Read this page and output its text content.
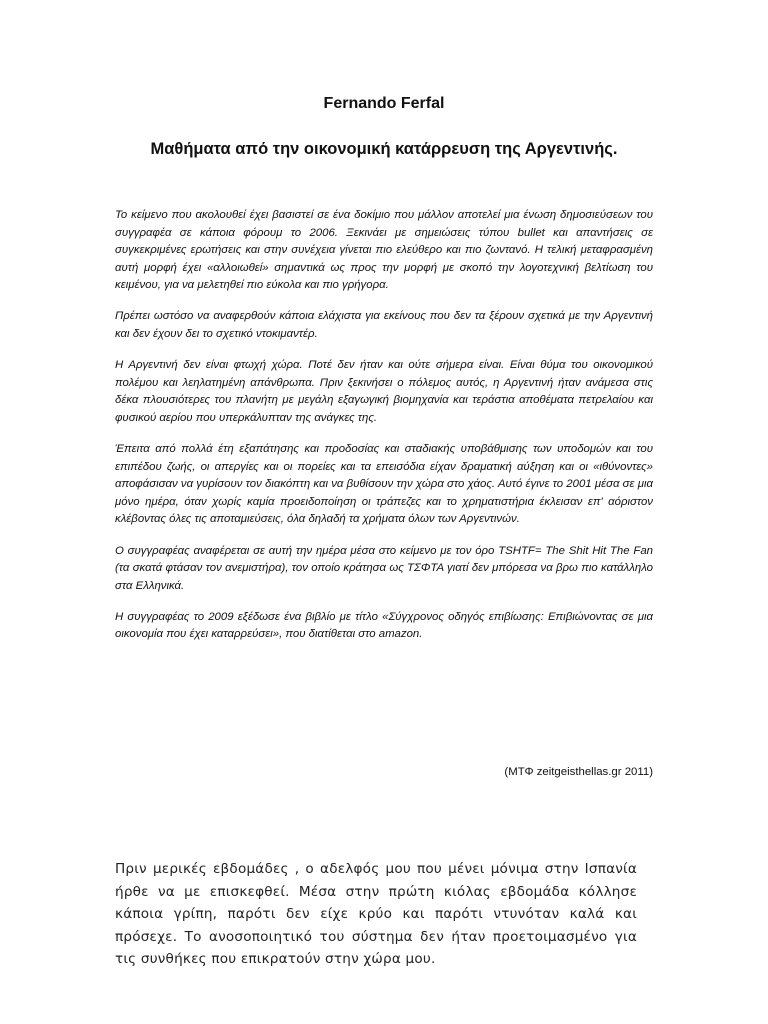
Fernando Ferfal
Μαθήματα από την οικονομική κατάρρευση της Αργεντινής.

Το κείμενο που ακολουθεί έχει βασιστεί σε ένα δοκίμιο που μάλλον αποτελεί μια ένωση δημοσιεύσεων του συγγραφέα σε κάποια φόρουμ το 2006. Ξεκινάει με σημειώσεις τύπου bullet και απαντήσεις σε συγκεκριμένες ερωτήσεις και στην συνέχεια γίνεται πιο ελεύθερο και πιο ζωντανό. Η τελική μεταφρασμένη αυτή μορφή έχει «αλλοιωθεί» σημαντικά ως προς την μορφή με σκοπό την λογοτεχνική βελτίωση του κειμένου, για να μελετηθεί πιο εύκολα και πιο γρήγορα.

Πρέπει ωστόσο να αναφερθούν κάποια ελάχιστα για εκείνους που δεν τα ξέρουν σχετικά με την Αργεντινή και δεν έχουν δει το σχετικό ντοκιμαντέρ.

Η Αργεντινή δεν είναι φτωχή χώρα. Ποτέ δεν ήταν και ούτε σήμερα είναι. Είναι θύμα του οικονομικού πολέμου και λεηλατημένη απάνθρωπα. Πριν ξεκινήσει ο πόλεμος αυτός, η Αργεντινή ήταν ανάμεσα στις δέκα πλουσιότερες του πλανήτη με μεγάλη εξαγωγική βιομηχανία και τεράστια αποθέματα πετρελαίου και φυσικού αερίου που υπερκάλυπταν της ανάγκες της.

Έπειτα από πολλά έτη εξαπάτησης και προδοσίας και σταδιακής υποβάθμισης των υποδομών και του επιπέδου ζωής, οι απεργίες και οι πορείες και τα επεισόδια είχαν δραματική αύξηση και οι «ιθύνοντες» αποφάσισαν να γυρίσουν τον διακόπτη και να βυθίσουν την χώρα στο χάος. Αυτό έγινε το 2001 μέσα σε μια μόνο ημέρα, όταν χωρίς καμία προειδοποίηση οι τράπεζες και το χρηματιστήρια έκλεισαν επ' αόριστον κλέβοντας όλες τις αποταμιεύσεις, όλα δηλαδή τα χρήματα όλων των Αργεντινών.

Ο συγγραφέας αναφέρεται σε αυτή την ημέρα μέσα στο κείμενο με τον όρο TSHTF= The Shit Hit The Fan (τα σκατά φτάσαν τον ανεμιστήρα), τον οποίο κράτησα ως ΤΣΦΤΑ γιατί δεν μπόρεσα να βρω πιο κατάλληλο στα Ελληνικά.

Η συγγραφέας το 2009 εξέδωσε ένα βιβλίο με τίτλο «Σύγχρονος οδηγός επιβίωσης: Επιβιώνοντας σε μια οικονομία που έχει καταρρεύσει», που διατίθεται στο amazon.

(ΜΤΦ zeitgeisthellas.gr 2011)

Πριν μερικές εβδομάδες , ο αδελφός μου που μένει μόνιμα στην Ισπανία ήρθε να με επισκεφθεί. Μέσα στην πρώτη κιόλας εβδομάδα κόλλησε κάποια γρίπη, παρότι δεν είχε κρύο και παρότι ντυνόταν καλά και πρόσεχε. Το ανοσοποιητικό του σύστημα δεν ήταν προετοιμασμένο για τις συνθήκες που επικρατούν στην χώρα μου.
